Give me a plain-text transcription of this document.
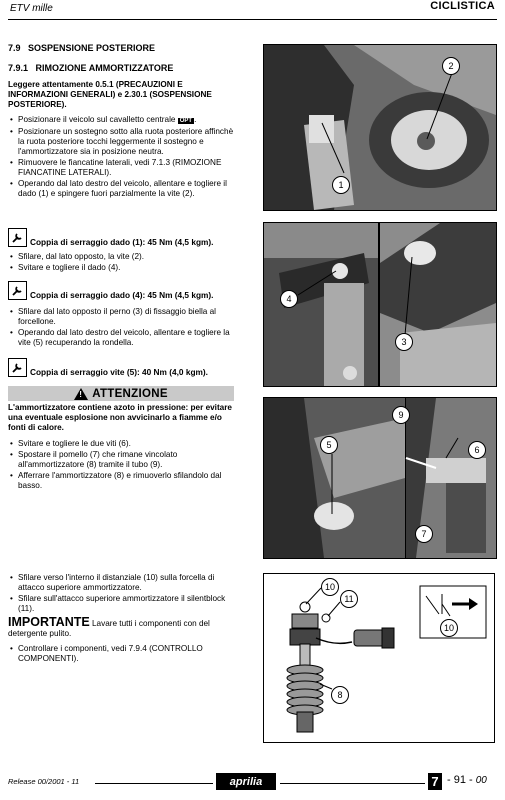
ETV mille	CICLISTICA
7.9 SOSPENSIONE POSTERIORE
7.9.1 RIMOZIONE AMMORTIZZATORE
Leggere attentamente 0.5.1 (PRECAUZIONI E INFORMAZIONI GENERALI) e 2.30.1 (SOSPENSIONE POSTERIORE).
• Posizionare il veicolo sul cavalletto centrale OPT .
• Posizionare un sostegno sotto alla ruota posteriore affinchè la ruota posteriore tocchi leggermente il sostegno e l'ammortizzatore sia in posizione neutra.
• Rimuovere le fiancatine laterali, vedi 7.1.3 (RIMOZIONE FIANCATINE LATERALI).
• Operando dal lato destro del veicolo, allentare e togliere il dado (1) e spingere fuori parzialmente la vite (2).
Coppia di serraggio dado (1): 45 Nm (4,5 kgm).
• Sfilare, dal lato opposto, la vite (2).
• Svitare e togliere il dado (4).
Coppia di serraggio dado (4): 45 Nm (4,5 kgm).
• Sfilare dal lato opposto il perno (3) di fissaggio biella al forcellone.
• Operando dal lato destro del veicolo, allentare e togliere la vite (5) recuperando la rondella.
Coppia di serraggio vite (5): 40 Nm (4,0 kgm).
! ATTENZIONE
L'ammortizzatore contiene azoto in pressione: per evitare una eventuale esplosione non avvicinarlo a fiamme e/o fonti di calore.
• Svitare e togliere le due viti (6).
• Spostare il pomello (7) che rimane vincolato all'ammortizzatore (8) tramite il tubo (9).
• Afferrare l'ammortizzatore (8) e rimuoverlo sfilandolo dal basso.
• Sfilare verso l'interno il distanziale (10) sulla forcella di attacco superiore ammortizzatore.
• Sfilare sull'attacco superiore ammortizzatore il silentblock (11).
IMPORTANTE Lavare tutti i componenti con del detergente pulito.
• Controllare i componenti, vedi 7.9.4 (CONTROLLO COMPONENTI).
1
2
4
3
5
9
6
7
10
11
8
10
Release 00/2001 - 11	aprilia	7 - 91 - 00
